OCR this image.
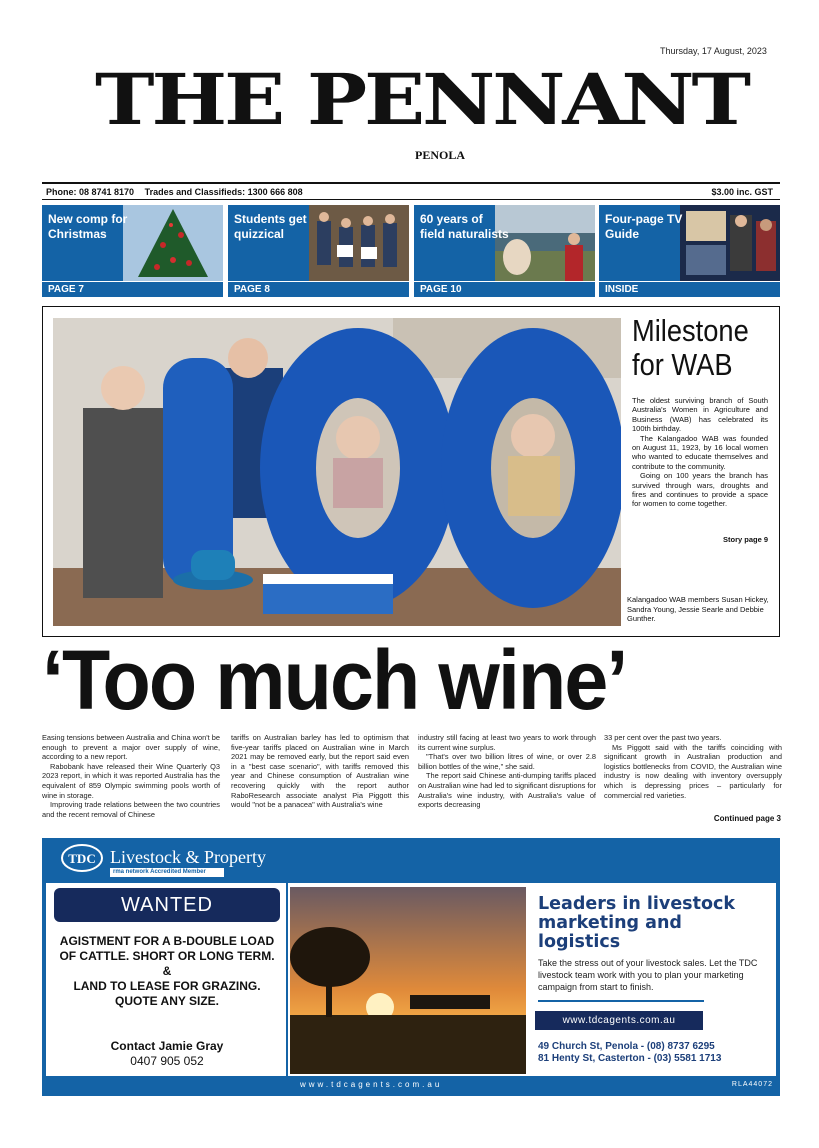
Thursday, 17 August, 2023
THE PENNANT
PENOLA
Phone: 08 8741 8170 Trades and Classifieds: 1300 666 808	$3.00 inc. GST
New comp for Christmas
PAGE 7
Students get quizzical
PAGE 8
60 years of field naturalists
PAGE 10
Four-page TV Guide
INSIDE
Milestone for WAB

The oldest surviving branch of South Australia's Women in Agriculture and Business (WAB) has celebrated its 100th birthday.

The Kalangadoo WAB was founded on August 11, 1923, by 16 local women who wanted to educate themselves and contribute to the community.

Going on 100 years the branch has survived through wars, droughts and fires and continues to provide a space for women to come together.

Story page 9
Kalangadoo WAB members Susan Hickey, Sandra Young, Jessie Searle and Debbie Gunther.
‘Too much wine’

Easing tensions between Australia and China won't be enough to prevent a major over supply of wine, according to a new report.

Rabobank have released their Wine Quarterly Q3 2023 report, in which it was reported Australia has the equivalent of 859 Olympic swimming pools worth of wine in storage.

Improving trade relations between the two countries and the recent removal of Chinese

tariffs on Australian barley has led to optimism that five-year tariffs placed on Australian wine in March 2021 may be removed early, but the report said even in a "best case scenario", with tariffs removed this year and Chinese consumption of Australian wine recovering quickly with the report author RaboResearch associate analyst Pia Piggott this would "not be a panacea" with Australia's wine

industry still facing at least two years to work through its current wine surplus.

"That's over two billion litres of wine, or over 2.8 billion bottles of the wine," she said.

The report said Chinese anti-dumping tariffs placed on Australian wine had led to significant disruptions for Australia's wine industry, with Australia's value of exports decreasing

33 per cent over the past two years.

Ms Piggott said with the tariffs coinciding with significant growth in Australian production and logistics bottlenecks from COVID, the Australian wine industry is now dealing with inventory oversupply which is depressing prices – particularly for commercial red varieties.

Continued page 3
TDC Livestock & Property
rma network Accredited Member
WANTED
AGISTMENT FOR A B-DOUBLE LOAD OF CATTLE. SHORT OR LONG TERM.
&
LAND TO LEASE FOR GRAZING. QUOTE ANY SIZE.
Contact Jamie Gray
0407 905 052
Leaders in livestock marketing and logistics
Take the stress out of your livestock sales. Let the TDC livestock team work with you to plan your marketing campaign from start to finish.
www.tdcagents.com.au
49 Church St, Penola - (08) 8737 6295
81 Henty St, Casterton - (03) 5581 1713
www.tdcagents.com.au	RLA44072
